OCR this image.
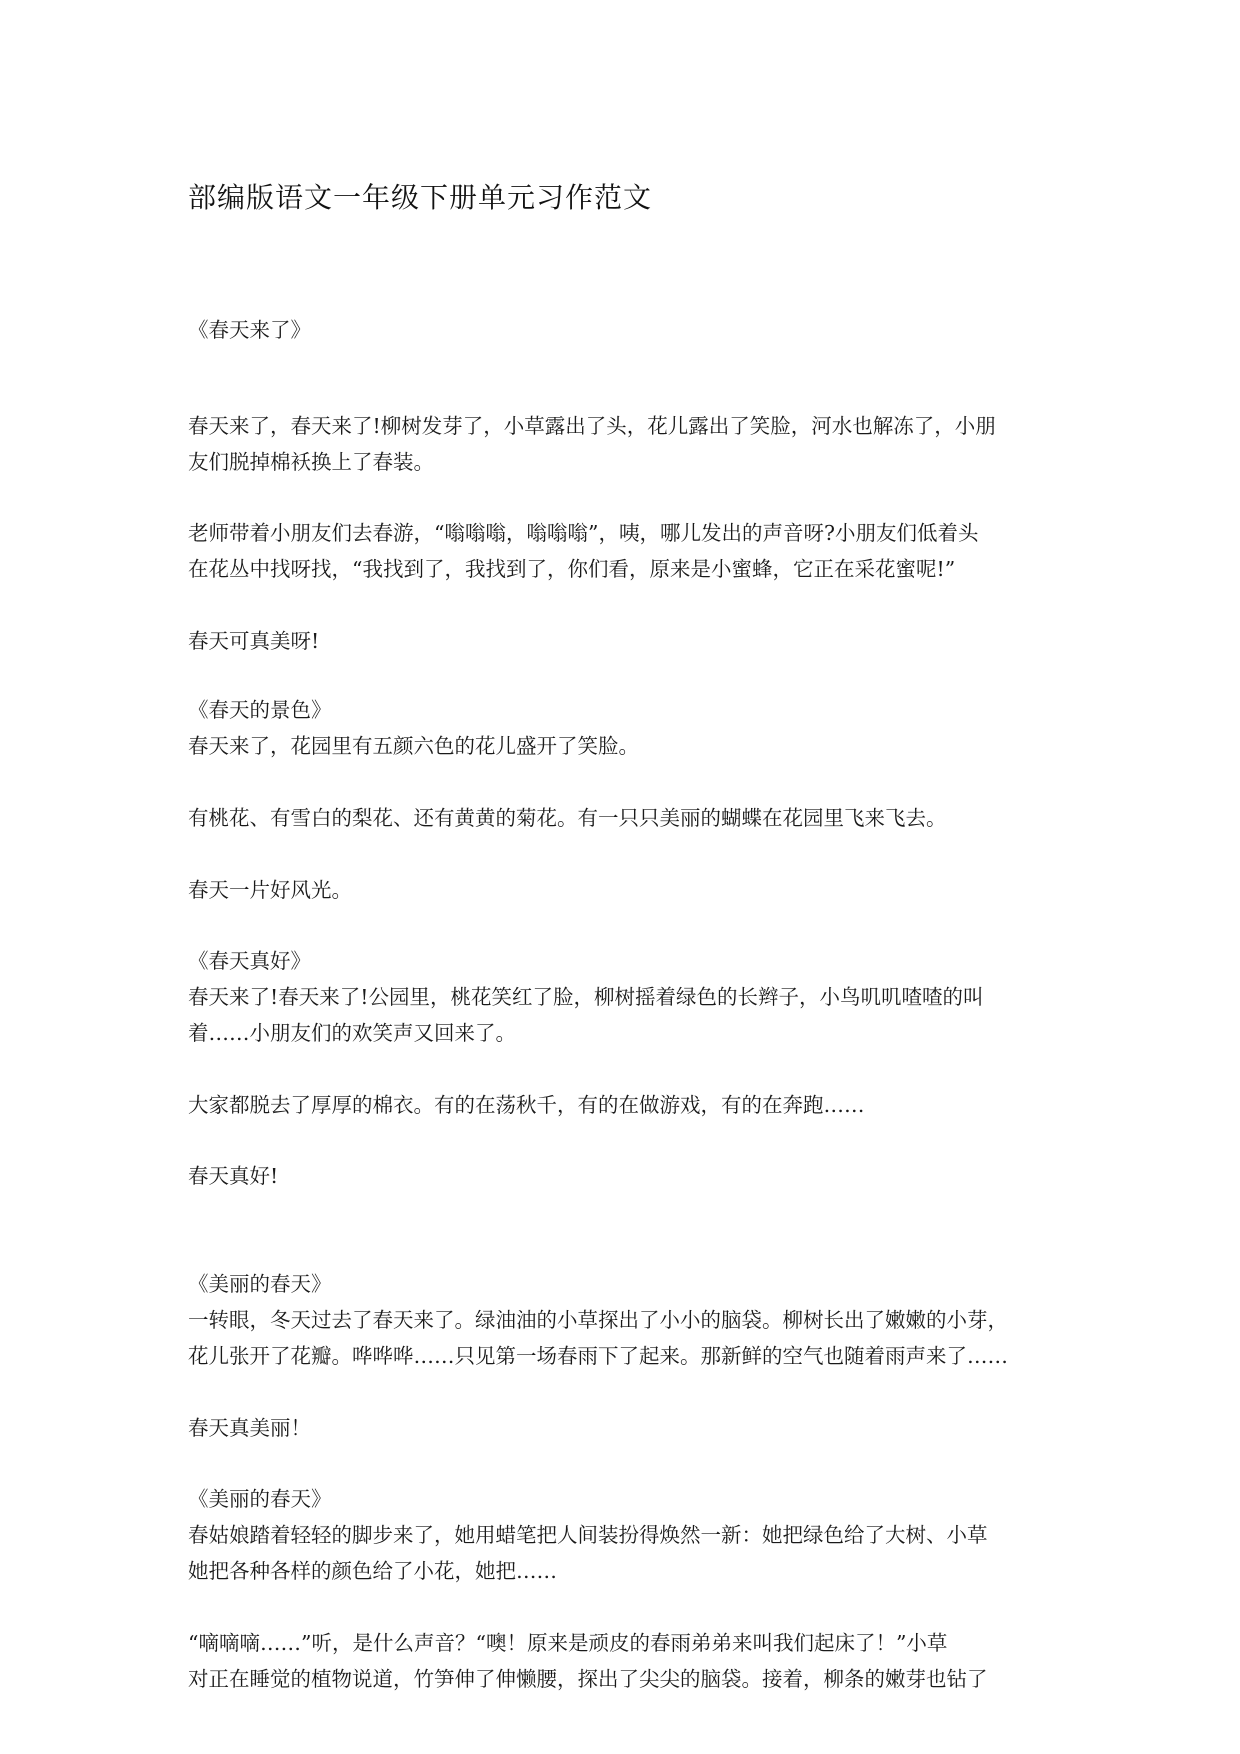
部编版语文一年级下册单元习作范文

《春天来了》

春天来了，春天来了!柳树发芽了，小草露出了头，花儿露出了笑脸，河水也解冻了，小朋

友们脱掉棉袄换上了春装。

老师带着小朋友们去春游，“嗡嗡嗡，嗡嗡嗡”，咦，哪儿发出的声音呀?小朋友们低着头

在花丛中找呀找，“我找到了，我找到了，你们看，原来是小蜜蜂，它正在采花蜜呢!”

春天可真美呀!

《春天的景色》

春天来了，花园里有五颜六色的花儿盛开了笑脸。

有桃花、有雪白的梨花、还有黄黄的菊花。有一只只美丽的蝴蝶在花园里飞来飞去。

春天一片好风光。

《春天真好》

春天来了!春天来了!公园里，桃花笑红了脸，柳树摇着绿色的长辫子，小鸟叽叽喳喳的叫

着……小朋友们的欢笑声又回来了。

大家都脱去了厚厚的棉衣。有的在荡秋千，有的在做游戏，有的在奔跑……

春天真好!

《美丽的春天》

一转眼，冬天过去了春天来了。绿油油的小草探出了小小的脑袋。柳树长出了嫩嫩的小芽，

花儿张开了花瓣。哗哗哗……只见第一场春雨下了起来。那新鲜的空气也随着雨声来了……

春天真美丽！

《美丽的春天》

春姑娘踏着轻轻的脚步来了，她用蜡笔把人间装扮得焕然一新：她把绿色给了大树、小草

她把各种各样的颜色给了小花，她把……

“嘀嘀嘀……”听，是什么声音？“噢！原来是顽皮的春雨弟弟来叫我们起床了！”小草

对正在睡觉的植物说道，竹笋伸了伸懒腰，探出了尖尖的脑袋。接着，柳条的嫩芽也钻了
